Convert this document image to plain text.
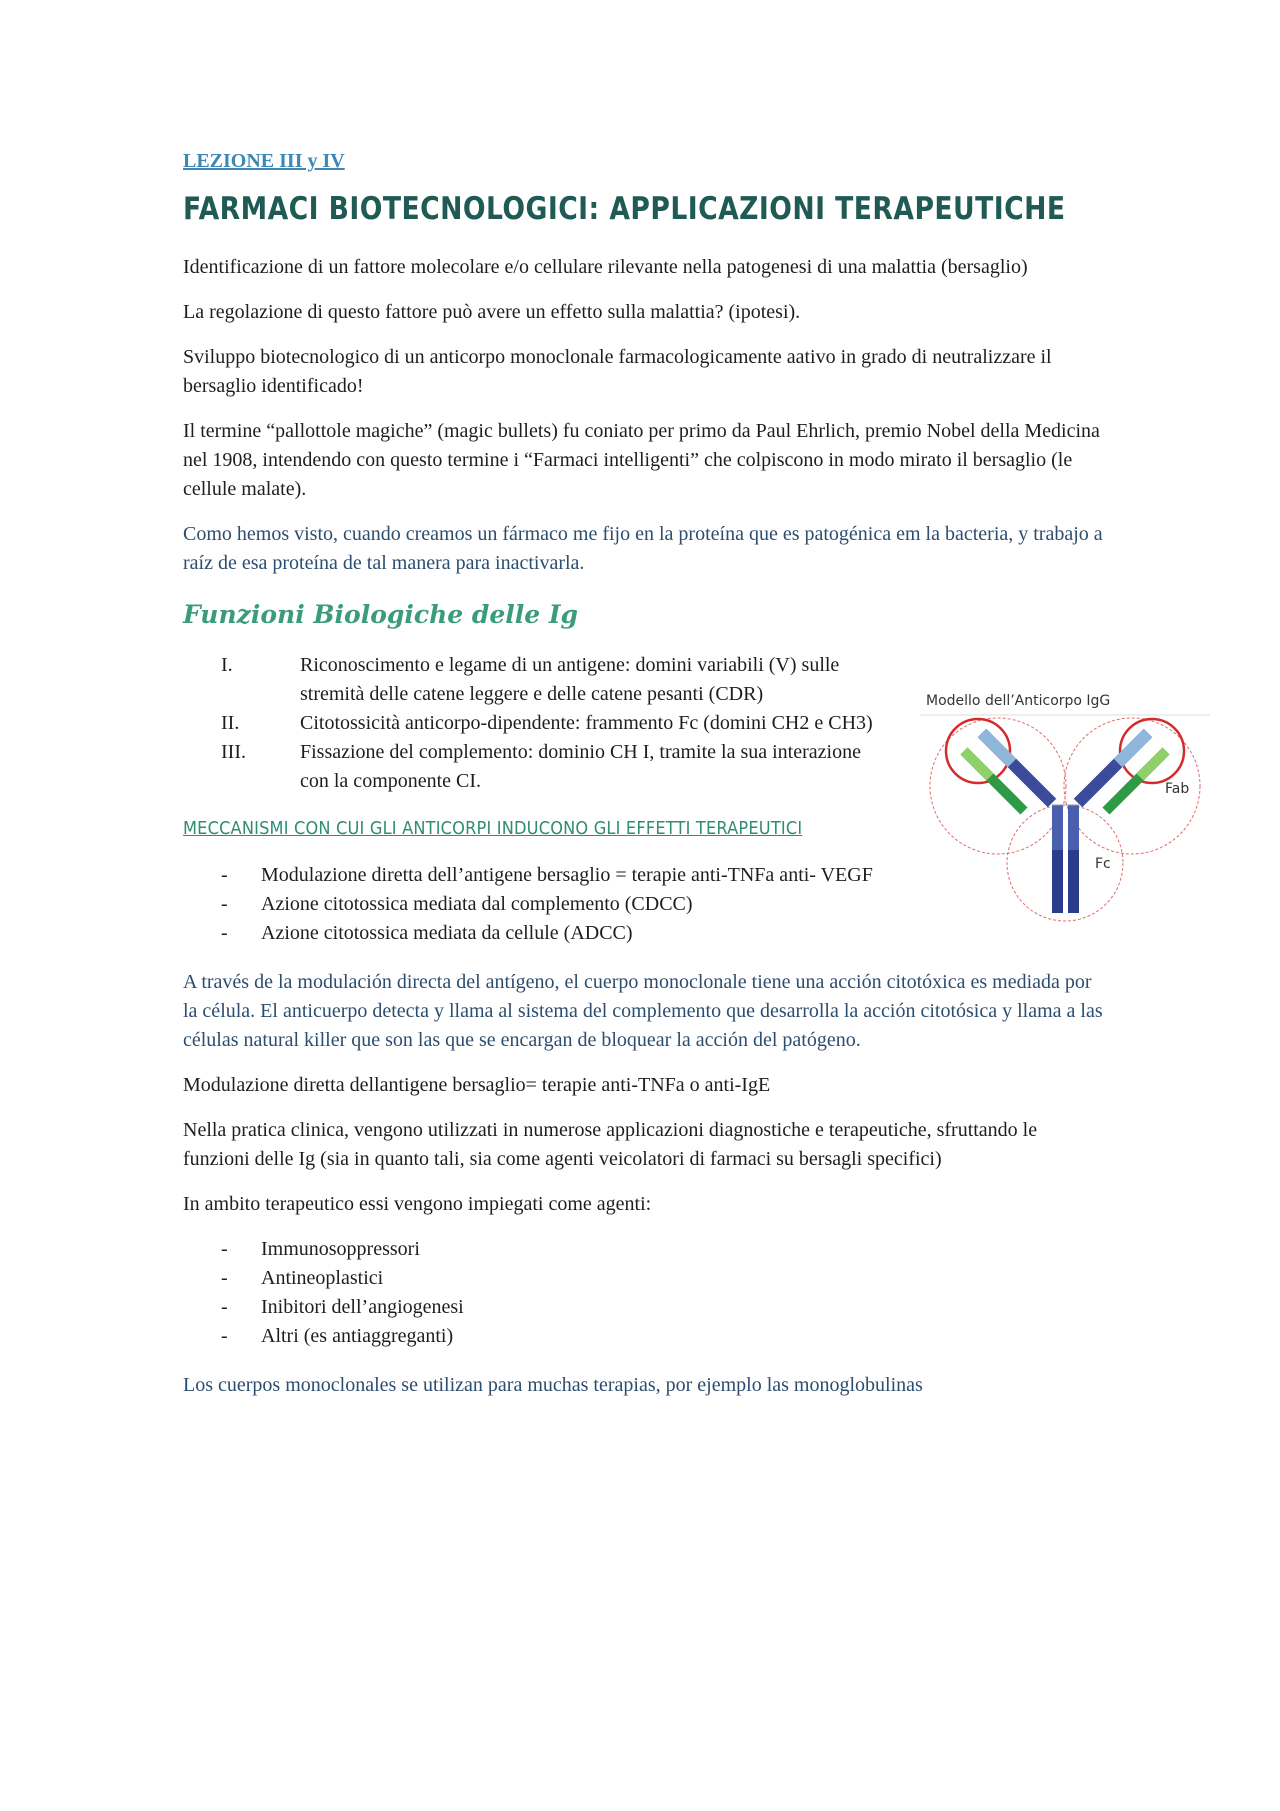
LEZIONE III y IV
FARMACI BIOTECNOLOGICI: APPLICAZIONI TERAPEUTICHE

Identificazione di un fattore molecolare e/o cellulare rilevante nella patogenesi di una malattia (bersaglio)

La regolazione di questo fattore può avere un effetto sulla malattia? (ipotesi).

Sviluppo biotecnologico di un anticorpo monoclonale farmacologicamente aativo in grado di neutralizzare il bersaglio identificado!

Il termine “pallottole magiche” (magic bullets) fu coniato per primo da Paul Ehrlich, premio Nobel della Medicina nel 1908, intendendo con questo termine i “Farmaci intelligenti” che colpiscono in modo mirato il bersaglio (le cellule malate).

Como hemos visto, cuando creamos un fármaco me fijo en la proteína que es patogénica em la bacteria, y trabajo a raíz de esa proteína de tal manera para inactivarla.

Funzioni Biologiche delle Ig
I.	Riconoscimento e legame di un antigene: domini variabili (V) sulle stremità delle catene leggere e delle catene pesanti (CDR)
II.	Citotossicità anticorpo-dipendente: frammento Fc (domini CH2 e CH3)
III.	Fissazione del complemento: dominio CH I, tramite la sua interazione con la componente CI.
MECCANISMI CON CUI GLI ANTICORPI INDUCONO GLI EFFETTI TERAPEUTICI
-	Modulazione diretta dell’antigene bersaglio = terapie anti-TNFa anti- VEGF
-	Azione citotossica mediata dal complemento (CDCC)
-	Azione citotossica mediata da cellule (ADCC)

A través de la modulación directa del antígeno, el cuerpo monoclonale tiene una acción citotóxica es mediada por la célula. El anticuerpo detecta y llama al sistema del complemento que desarrolla la acción citotósica y llama a las células natural killer que son las que se encargan de bloquear la acción del patógeno.

Modulazione diretta dellantigene bersaglio= terapie anti-TNFa o anti-IgE

Nella pratica clinica, vengono utilizzati in numerose applicazioni diagnostiche e terapeutiche, sfruttando le funzioni delle Ig (sia in quanto tali, sia come agenti veicolatori di farmaci su bersagli specifici)

In ambito terapeutico essi vengono impiegati come agenti:

-	Immunosoppressori
-	Antineoplastici
-	Inibitori dell’angiogenesi
-	Altri (es antiaggreganti)

Los cuerpos monoclonales se utilizan para muchas terapias, por ejemplo las monoglobulinas

Modello dell’Anticorpo IgG
Fab
Fc
